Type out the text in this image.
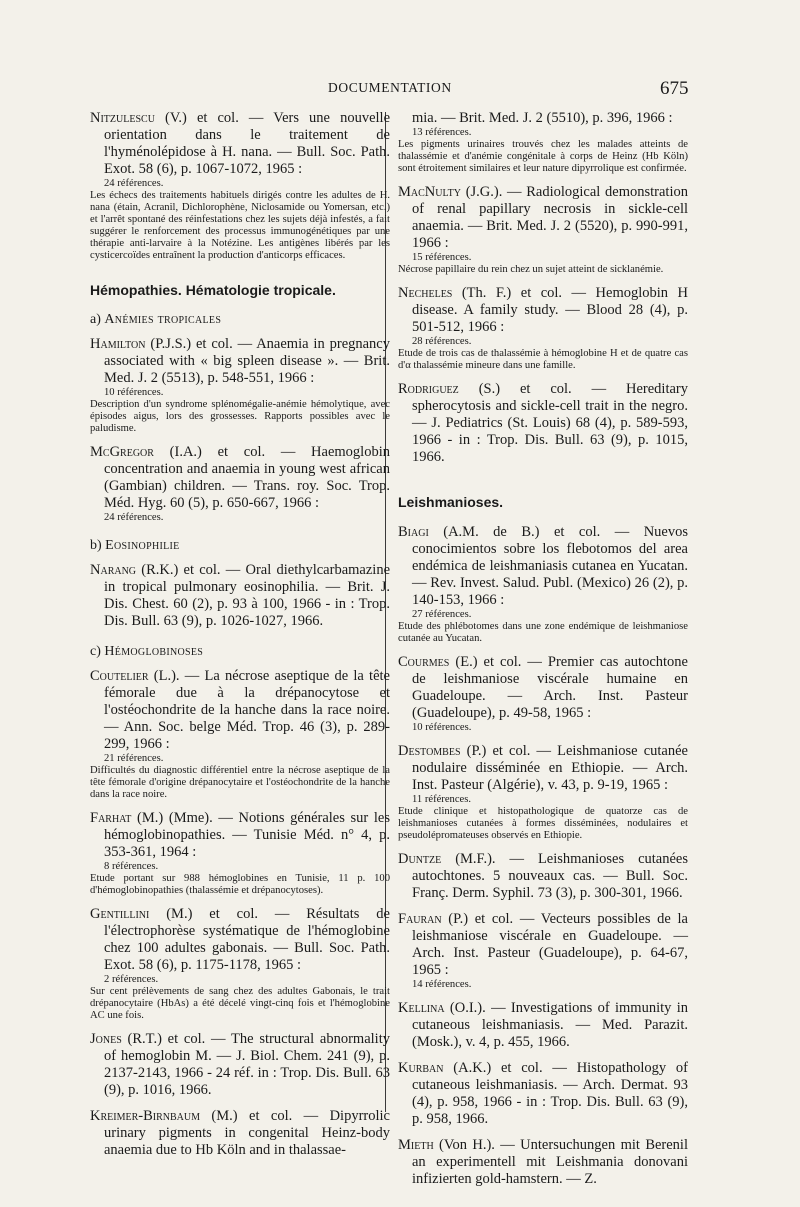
DOCUMENTATION	675
Nitzulescu (V.) et col. — Vers une nouvelle orientation dans le traitement de l'hyménolépidose à H. nana. — Bull. Soc. Path. Exot. 58 (6), p. 1067-1072, 1965 :
24 références.
Les échecs des traitements habituels dirigés contre les adultes de H. nana (étain, Acranil, Dichlorophène, Niclosamide ou Yomersan, etc.) et l'arrêt spontané des réinfestations chez les sujets déjà infestés, a fait suggérer le renforcement des processus immunogénétiques par une thérapie anti-larvaire à la Notézine. Les antigènes libérés par les cysticercoïdes entraînent la production d'anticorps efficaces.
Hémopathies. Hématologie tropicale.
a) Anémies tropicales
Hamilton (P.J.S.) et col. — Anaemia in pregnancy associated with « big spleen disease ». — Brit. Med. J. 2 (5513), p. 548-551, 1966 :
10 références.
Description d'un syndrome splénomégalie-anémie hémolytique, avec épisodes aigus, lors des grossesses. Rapports possibles avec le paludisme.
McGregor (I.A.) et col. — Haemoglobin concentration and anaemia in young west african (Gambian) children. — Trans. roy. Soc. Trop. Méd. Hyg. 60 (5), p. 650-667, 1966 :
24 références.
b) Eosinophilie
Narang (R.K.) et col. — Oral diethylcarbamazine in tropical pulmonary eosinophilia. — Brit. J. Dis. Chest. 60 (2), p. 93 à 100, 1966 - in : Trop. Dis. Bull. 63 (9), p. 1026-1027, 1966.
c) Hémoglobinoses
Coutelier (L.). — La nécrose aseptique de la tête fémorale due à la drépanocytose et l'ostéochondrite de la hanche dans la race noire. — Ann. Soc. belge Méd. Trop. 46 (3), p. 289-299, 1966 :
21 références.
Difficultés du diagnostic différentiel entre la nécrose aseptique de la tête fémorale d'origine drépanocytaire et l'ostéochondrite de la hanche dans la race noire.
Farhat (M.) (Mme). — Notions générales sur les hémoglobinopathies. — Tunisie Méd. n° 4, p. 353-361, 1964 :
8 références.
Etude portant sur 988 hémoglobines en Tunisie, 11 p. 100 d'hémoglobinopathies (thalassémie et drépanocytoses).
Gentillini (M.) et col. — Résultats de l'électrophorèse systématique de l'hémoglobine chez 100 adultes gabonais. — Bull. Soc. Path. Exot. 58 (6), p. 1175-1178, 1965 :
2 références.
Sur cent prélèvements de sang chez des adultes Gabonais, le trait drépanocytaire (HbAs) a été décelé vingt-cinq fois et l'hémoglobine AC une fois.
Jones (R.T.) et col. — The structural abnormality of hemoglobin M. — J. Biol. Chem. 241 (9), p. 2137-2143, 1966 - 24 réf. in : Trop. Dis. Bull. 63 (9), p. 1016, 1966.
Kreimer-Birnbaum (M.) et col. — Dipyrrolic urinary pigments in congenital Heinz-body anaemia due to Hb Köln and in thalassae-
mia. — Brit. Med. J. 2 (5510), p. 396, 1966 :
13 références.
Les pigments urinaires trouvés chez les malades atteints de thalassémie et d'anémie congénitale à corps de Heinz (Hb Köln) sont étroitement similaires et leur nature dipyrrolique est confirmée.
MacNulty (J.G.). — Radiological demonstration of renal papillary necrosis in sickle-cell anaemia. — Brit. Med. J. 2 (5520), p. 990-991, 1966 :
15 références.
Nécrose papillaire du rein chez un sujet atteint de sicklanémie.
Necheles (Th. F.) et col. — Hemoglobin H disease. A family study. — Blood 28 (4), p. 501-512, 1966 :
28 références.
Etude de trois cas de thalassémie à hémoglobine H et de quatre cas d'α thalassémie mineure dans une famille.
Rodriguez (S.) et col. — Hereditary spherocytosis and sickle-cell trait in the negro. — J. Pediatrics (St. Louis) 68 (4), p. 589-593, 1966 - in : Trop. Dis. Bull. 63 (9), p. 1015, 1966.
Leishmanioses.
Biagi (A.M. de B.) et col. — Nuevos conocimientos sobre los flebotomos del area endémica de leishmaniasis cutanea en Yucatan. — Rev. Invest. Salud. Publ. (Mexico) 26 (2), p. 140-153, 1966 :
27 références.
Etude des phlébotomes dans une zone endémique de leishmaniose cutanée au Yucatan.
Courmes (E.) et col. — Premier cas autochtone de leishmaniose viscérale humaine en Guadeloupe. — Arch. Inst. Pasteur (Guadeloupe), p. 49-58, 1965 :
10 références.
Destombes (P.) et col. — Leishmaniose cutanée nodulaire disséminée en Ethiopie. — Arch. Inst. Pasteur (Algérie), v. 43, p. 9-19, 1965 :
11 références.
Etude clinique et histopathologique de quatorze cas de leishmanioses cutanées à formes disséminées, nodulaires et pseudolépromateuses observés en Ethiopie.
Duntze (M.F.). — Leishmanioses cutanées autochtones. 5 nouveaux cas. — Bull. Soc. Franç. Derm. Syphil. 73 (3), p. 300-301, 1966.
Fauran (P.) et col. — Vecteurs possibles de la leishmaniose viscérale en Guadeloupe. — Arch. Inst. Pasteur (Guadeloupe), p. 64-67, 1965 :
14 références.
Kellina (O.I.). — Investigations of immunity in cutaneous leishmaniasis. — Med. Parazit. (Mosk.), v. 4, p. 455, 1966.
Kurban (A.K.) et col. — Histopathology of cutaneous leishmaniasis. — Arch. Dermat. 93 (4), p. 958, 1966 - in : Trop. Dis. Bull. 63 (9), p. 958, 1966.
Mieth (Von H.). — Untersuchungen mit Berenil an experimentell mit Leishmania donovani infizierten gold-hamstern. — Z.
